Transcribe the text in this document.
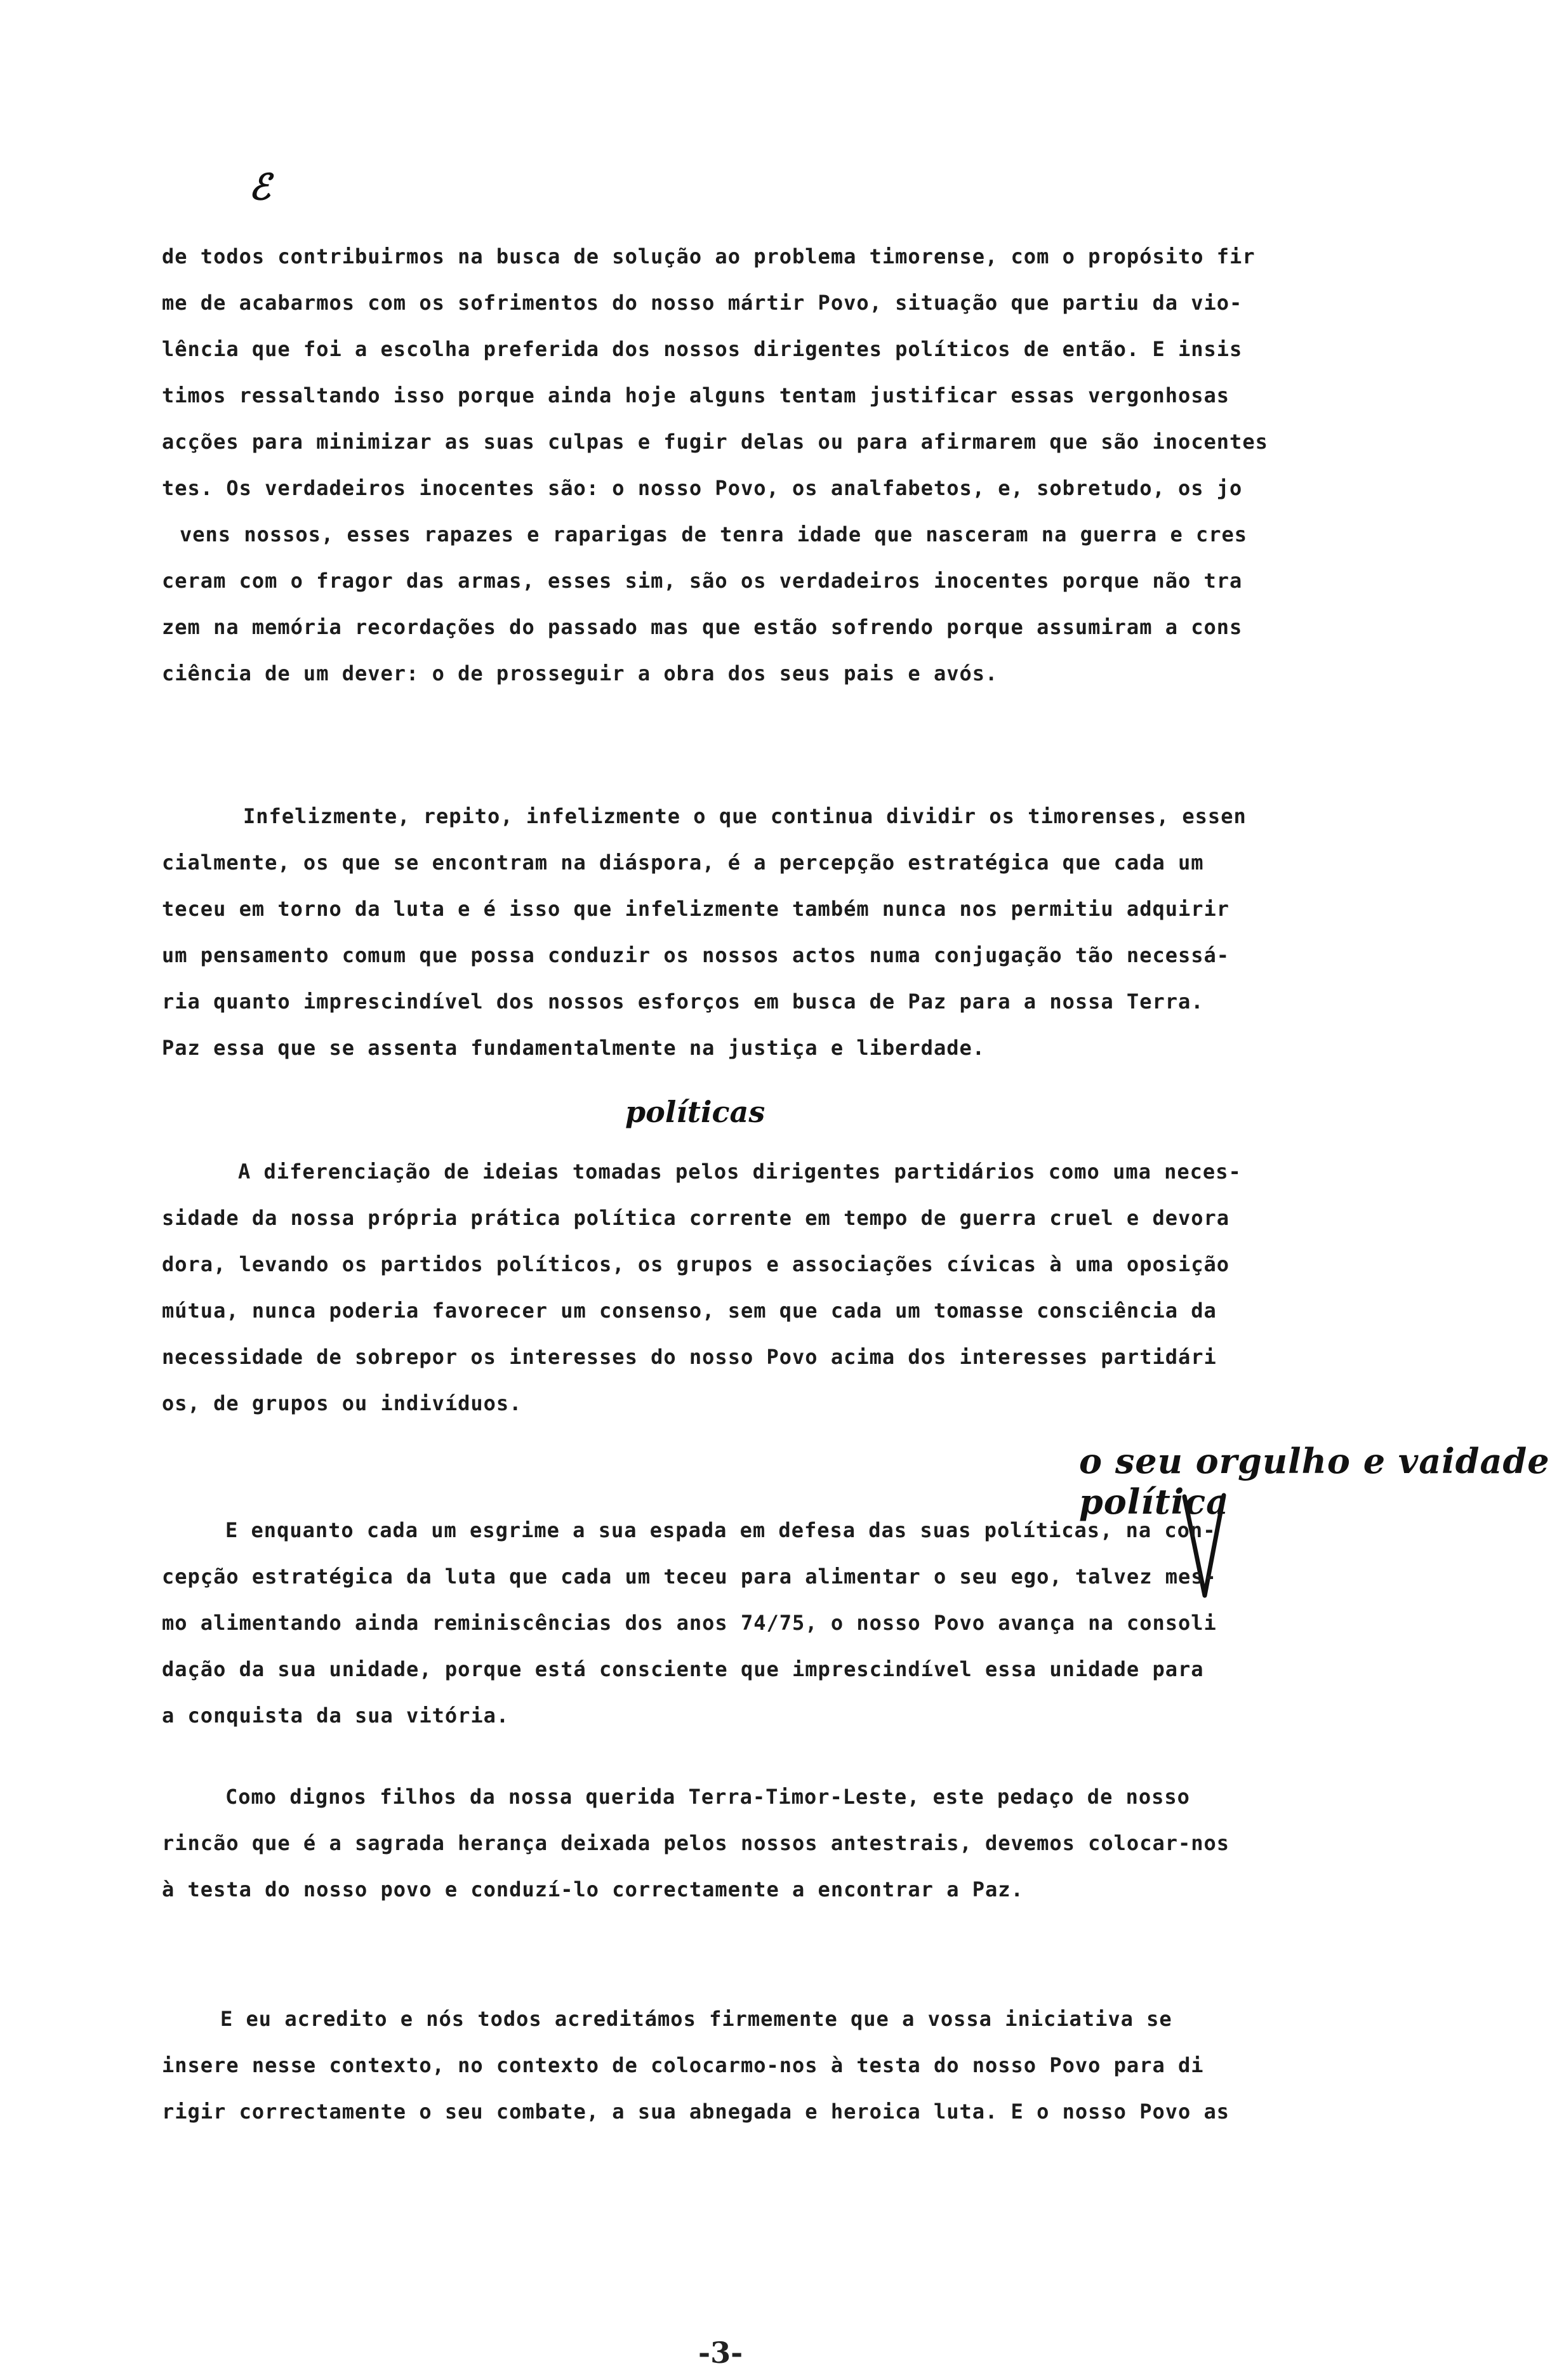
ℰ

de todos contribuirmos na busca de solução ao problema timorense, com o propósito fir
me de acabarmos com os sofrimentos do nosso mártir Povo, situação que partiu da vio-
lência que foi a escolha preferida dos nossos dirigentes políticos de então. E insis
timos ressaltando isso porque ainda hoje alguns tentam justificar essas vergonhosas
acções para minimizar as suas culpas e fugir delas ou para afirmarem que são inocentes
tes. Os verdadeiros inocentes são: o nosso Povo, os analfabetos, e, sobretudo, os jo
vens nossos, esses rapazes e raparigas de tenra idade que nasceram na guerra e cres
ceram com o fragor das armas, esses sim, são os verdadeiros inocentes porque não tra
zem na memória recordações do passado mas que estão sofrendo porque assumiram a cons
ciência de um dever: o de prosseguir a obra dos seus pais e avós.

Infelizmente, repito, infelizmente o que continua dividir os timorenses, essen
cialmente, os que se encontram na diáspora, é a percepção estratégica que cada um
teceu em torno da luta e é isso que infelizmente também nunca nos permitiu adquirir
um pensamento comum que possa conduzir os nossos actos numa conjugação tão necessá-
ria quanto imprescindível dos nossos esforços em busca de Paz para a nossa Terra.
Paz essa que se assenta fundamentalmente na justiça e liberdade.

políticas

A diferenciação de ideias tomadas pelos dirigentes partidários como uma neces-
sidade da nossa própria prática política corrente em tempo de guerra cruel e devora
dora, levando os partidos políticos, os grupos e associações cívicas à uma oposição
mútua, nunca poderia favorecer um consenso, sem que cada um tomasse consciência da
necessidade de sobrepor os interesses do nosso Povo acima dos interesses partidári
os, de grupos ou indivíduos.

o seu orgulho e vaidade política

E enquanto cada um esgrime a sua espada em defesa das suas políticas, na con-
cepção estratégica da luta que cada um teceu para alimentar o seu ego, talvez mes-
mo alimentando ainda reminiscências dos anos 74/75, o nosso Povo avança na consoli
dação da sua unidade, porque está consciente que imprescindível essa unidade para
a conquista da sua vitória.

Como dignos filhos da nossa querida Terra-Timor-Leste, este pedaço de nosso
rincão que é a sagrada herança deixada pelos nossos antestrais, devemos colocar-nos
à testa do nosso povo e conduzí-lo correctamente a encontrar a Paz.

E eu acredito e nós todos acreditámos firmemente que a vossa iniciativa se
insere nesse contexto, no contexto de colocarmo-nos à testa do nosso Povo para di
rigir correctamente o seu combate, a sua abnegada e heroica luta. E o nosso Povo as

-3-
